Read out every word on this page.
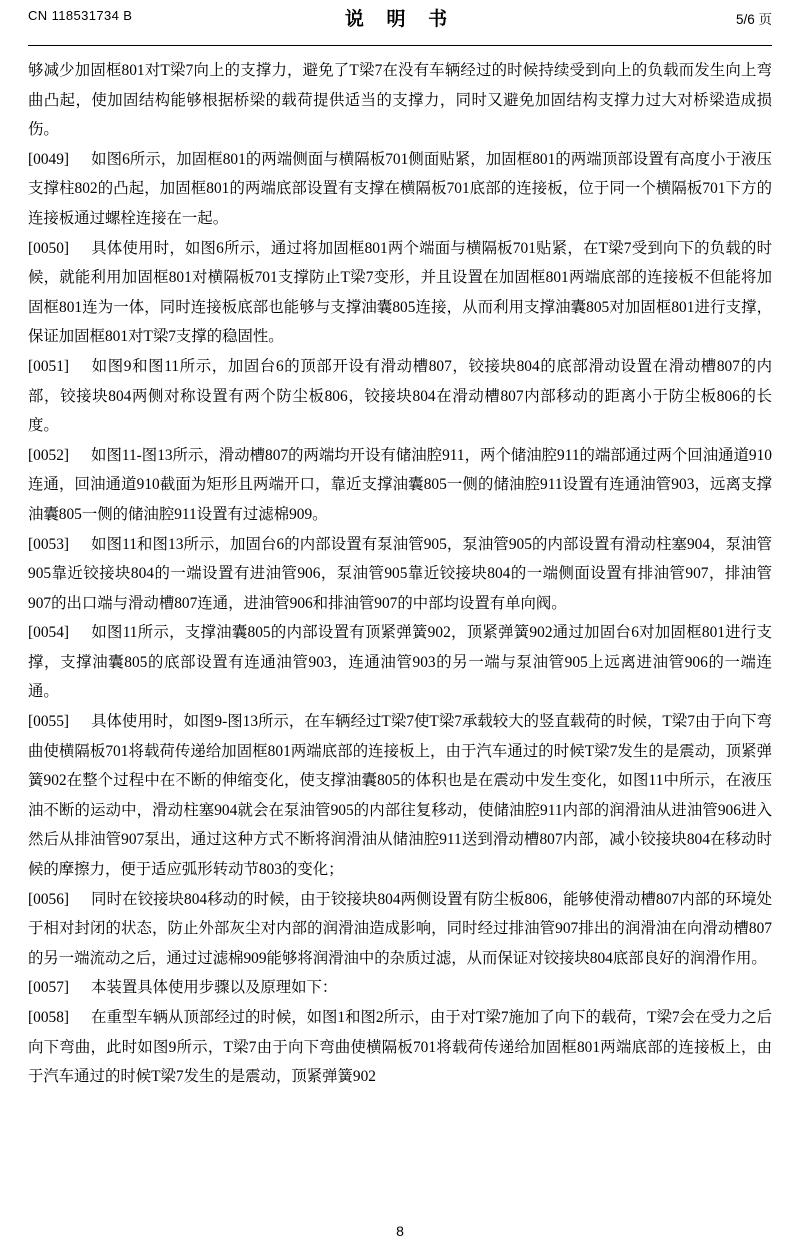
CN 118531734 B	说 明 书	5/6 页

够减少加固框801对T梁7向上的支撑力，避免了T梁7在没有车辆经过的时候持续受到向上的负载而发生向上弯曲凸起，使加固结构能够根据桥梁的载荷提供适当的支撑力，同时又避免加固结构支撑力过大对桥梁造成损伤。

[0049] 如图6所示，加固框801的两端侧面与横隔板701侧面贴紧，加固框801的两端顶部设置有高度小于液压支撑柱802的凸起，加固框801的两端底部设置有支撑在横隔板701底部的连接板，位于同一个横隔板701下方的连接板通过螺栓连接在一起。

[0050] 具体使用时，如图6所示，通过将加固框801两个端面与横隔板701贴紧，在T梁7受到向下的负载的时候，就能利用加固框801对横隔板701支撑防止T梁7变形，并且设置在加固框801两端底部的连接板不但能将加固框801连为一体，同时连接板底部也能够与支撑油囊805连接，从而利用支撑油囊805对加固框801进行支撑，保证加固框801对T梁7支撑的稳固性。

[0051] 如图9和图11所示，加固台6的顶部开设有滑动槽807，铰接块804的底部滑动设置在滑动槽807的内部，铰接块804两侧对称设置有两个防尘板806，铰接块804在滑动槽807内部移动的距离小于防尘板806的长度。

[0052] 如图11-图13所示，滑动槽807的两端均开设有储油腔911，两个储油腔911的端部通过两个回油通道910连通，回油通道910截面为矩形且两端开口，靠近支撑油囊805一侧的储油腔911设置有连通油管903，远离支撑油囊805一侧的储油腔911设置有过滤棉909。

[0053] 如图11和图13所示，加固台6的内部设置有泵油管905，泵油管905的内部设置有滑动柱塞904，泵油管905靠近铰接块804的一端设置有进油管906，泵油管905靠近铰接块804的一端侧面设置有排油管907，排油管907的出口端与滑动槽807连通，进油管906和排油管907的中部均设置有单向阀。

[0054] 如图11所示，支撑油囊805的内部设置有顶紧弹簧902，顶紧弹簧902通过加固台6对加固框801进行支撑，支撑油囊805的底部设置有连通油管903，连通油管903的另一端与泵油管905上远离进油管906的一端连通。

[0055] 具体使用时，如图9-图13所示，在车辆经过T梁7使T梁7承载较大的竖直载荷的时候，T梁7由于向下弯曲使横隔板701将载荷传递给加固框801两端底部的连接板上，由于汽车通过的时候T梁7发生的是震动，顶紧弹簧902在整个过程中在不断的伸缩变化，使支撑油囊805的体积也是在震动中发生变化，如图11中所示，在液压油不断的运动中，滑动柱塞904就会在泵油管905的内部往复移动，使储油腔911内部的润滑油从进油管906进入然后从排油管907泵出，通过这种方式不断将润滑油从储油腔911送到滑动槽807内部，减小铰接块804在移动时候的摩擦力，便于适应弧形转动节803的变化；

[0056] 同时在铰接块804移动的时候，由于铰接块804两侧设置有防尘板806，能够使滑动槽807内部的环境处于相对封闭的状态，防止外部灰尘对内部的润滑油造成影响，同时经过排油管907排出的润滑油在向滑动槽807的另一端流动之后，通过过滤棉909能够将润滑油中的杂质过滤，从而保证对铰接块804底部良好的润滑作用。

[0057] 本装置具体使用步骤以及原理如下：

[0058] 在重型车辆从顶部经过的时候，如图1和图2所示，由于对T梁7施加了向下的载荷，T梁7会在受力之后向下弯曲，此时如图9所示，T梁7由于向下弯曲使横隔板701将载荷传递给加固框801两端底部的连接板上，由于汽车通过的时候T梁7发生的是震动，顶紧弹簧902

8
